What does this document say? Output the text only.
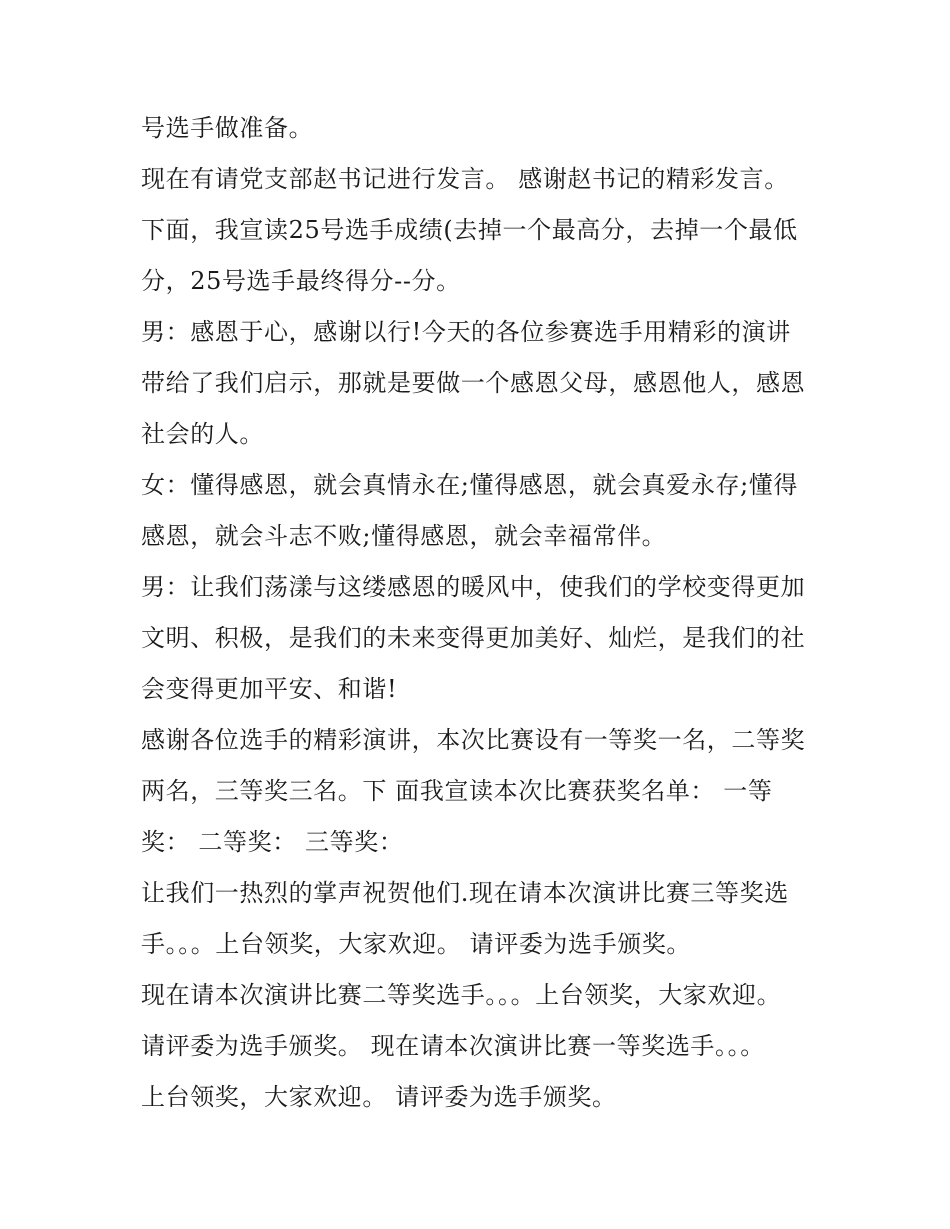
号选手做准备。
现在有请党支部赵书记进行发言。 感谢赵书记的精彩发言。
下面，我宣读25号选手成绩(去掉一个最高分，去掉一个最低
分，25号选手最终得分--分。
男：感恩于心，感谢以行!今天的各位参赛选手用精彩的演讲
带给了我们启示，那就是要做一个感恩父母，感恩他人，感恩
社会的人。
女：懂得感恩，就会真情永在;懂得感恩，就会真爱永存;懂得
感恩，就会斗志不败;懂得感恩，就会幸福常伴。
男：让我们荡漾与这缕感恩的暖风中，使我们的学校变得更加
文明、积极，是我们的未来变得更加美好、灿烂，是我们的社
会变得更加平安、和谐!
感谢各位选手的精彩演讲，本次比赛设有一等奖一名，二等奖
两名，三等奖三名。下 面我宣读本次比赛获奖名单： 一等
奖： 二等奖： 三等奖：
让我们一热烈的掌声祝贺他们.现在请本次演讲比赛三等奖选
手。。。上台领奖，大家欢迎。 请评委为选手颁奖。
现在请本次演讲比赛二等奖选手。。。上台领奖，大家欢迎。
请评委为选手颁奖。 现在请本次演讲比赛一等奖选手。。。
上台领奖，大家欢迎。 请评委为选手颁奖。
